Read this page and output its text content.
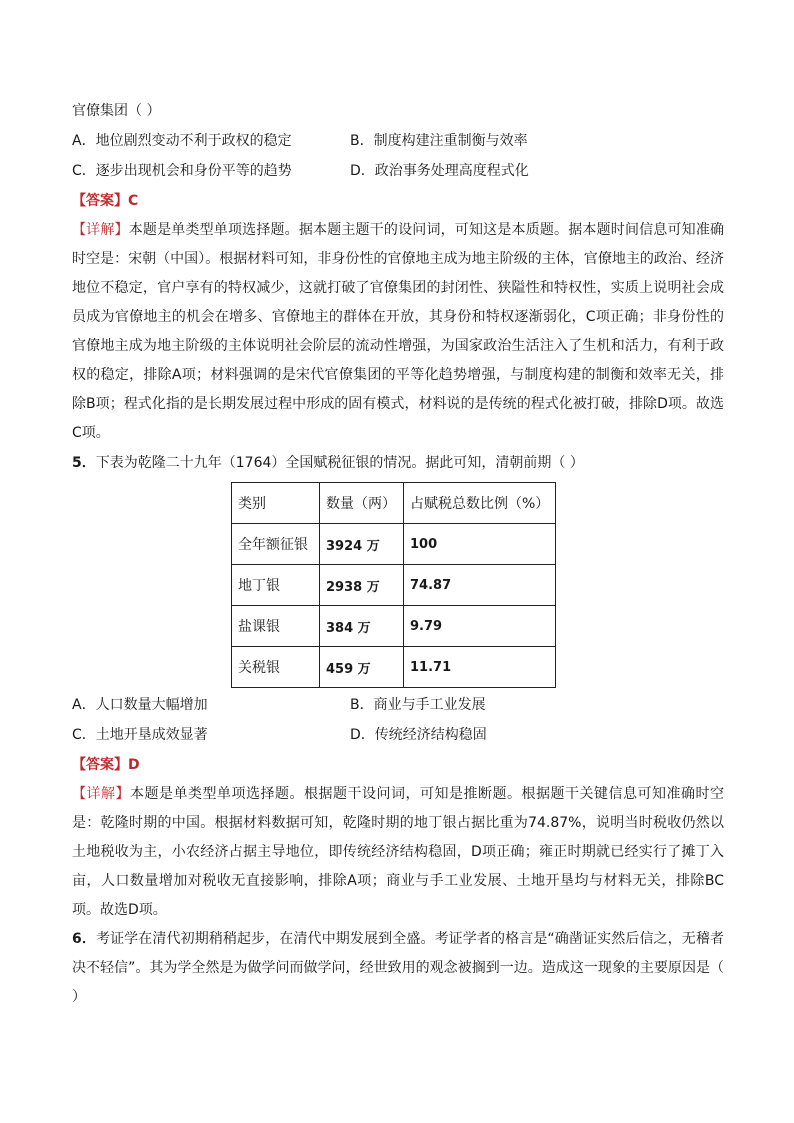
官僚集团（ ）
A．地位剧烈变动不利于政权的稳定	B．制度构建注重制衡与效率
C．逐步出现机会和身份平等的趋势	D．政治事务处理高度程式化
【答案】C
【详解】本题是单类型单项选择题。据本题主题干的设问词，可知这是本质题。据本题时间信息可知准确时空是：宋朝（中国）。根据材料可知，非身份性的官僚地主成为地主阶级的主体，官僚地主的政治、经济地位不稳定，官户享有的特权减少，这就打破了官僚集团的封闭性、狭隘性和特权性，实质上说明社会成员成为官僚地主的机会在增多、官僚地主的群体在开放，其身份和特权逐渐弱化，C项正确；非身份性的官僚地主成为地主阶级的主体说明社会阶层的流动性增强，为国家政治生活注入了生机和活力，有利于政权的稳定，排除A项；材料强调的是宋代官僚集团的平等化趋势增强，与制度构建的制衡和效率无关，排除B项；程式化指的是长期发展过程中形成的固有模式，材料说的是传统的程式化被打破，排除D项。故选C项。
5．下表为乾隆二十九年（1764）全国赋税征银的情况。据此可知，清朝前期（ ）
类别	数量（两）	占赋税总数比例（%）
全年额征银	3924 万	100
地丁银	2938 万	74.87
盐课银	384 万	9.79
关税银	459 万	11.71
A．人口数量大幅增加	B．商业与手工业发展
C．土地开垦成效显著	D．传统经济结构稳固
【答案】D
【详解】本题是单类型单项选择题。根据题干设问词，可知是推断题。根据题干关键信息可知准确时空是：乾隆时期的中国。根据材料数据可知，乾隆时期的地丁银占据比重为74.87%，说明当时税收仍然以土地税收为主，小农经济占据主导地位，即传统经济结构稳固，D项正确；雍正时期就已经实行了摊丁入亩，人口数量增加对税收无直接影响，排除A项；商业与手工业发展、土地开垦均与材料无关，排除BC项。故选D项。
6．考证学在清代初期稍稍起步，在清代中期发展到全盛。考证学者的格言是“确凿证实然后信之，无稽者决不轻信”。其为学全然是为做学问而做学问，经世致用的观念被搁到一边。造成这一现象的主要原因是（ ）
